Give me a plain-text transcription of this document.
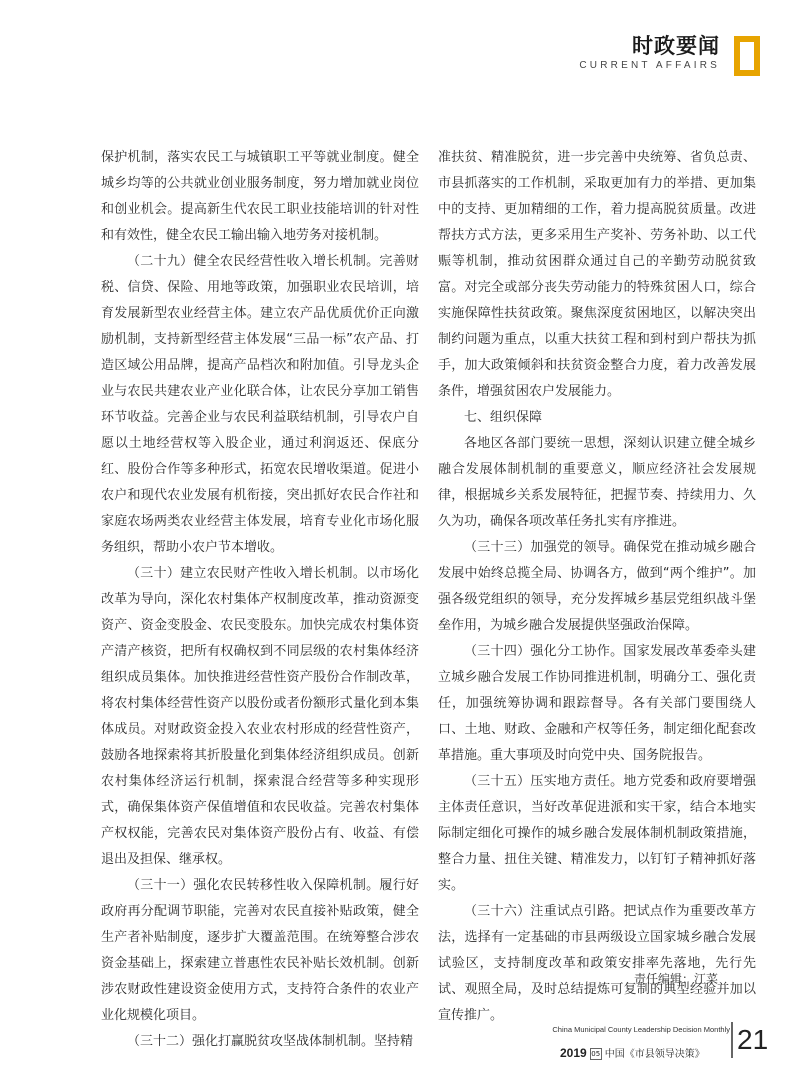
时政要闻
CURRENT AFFAIRS

保护机制，落实农民工与城镇职工平等就业制度。健全城乡均等的公共就业创业服务制度，努力增加就业岗位和创业机会。提高新生代农民工职业技能培训的针对性和有效性，健全农民工输出输入地劳务对接机制。

（二十九）健全农民经营性收入增长机制。完善财税、信贷、保险、用地等政策，加强职业农民培训，培育发展新型农业经营主体。建立农产品优质优价正向激励机制，支持新型经营主体发展“三品一标”农产品、打造区域公用品牌，提高产品档次和附加值。引导龙头企业与农民共建农业产业化联合体，让农民分享加工销售环节收益。完善企业与农民利益联结机制，引导农户自愿以土地经营权等入股企业，通过利润返还、保底分红、股份合作等多种形式，拓宽农民增收渠道。促进小农户和现代农业发展有机衔接，突出抓好农民合作社和家庭农场两类农业经营主体发展，培育专业化市场化服务组织，帮助小农户节本增收。

（三十）建立农民财产性收入增长机制。以市场化改革为导向，深化农村集体产权制度改革，推动资源变资产、资金变股金、农民变股东。加快完成农村集体资产清产核资，把所有权确权到不同层级的农村集体经济组织成员集体。加快推进经营性资产股份合作制改革，将农村集体经营性资产以股份或者份额形式量化到本集体成员。对财政资金投入农业农村形成的经营性资产，鼓励各地探索将其折股量化到集体经济组织成员。创新农村集体经济运行机制，探索混合经营等多种实现形式，确保集体资产保值增值和农民收益。完善农村集体产权权能，完善农民对集体资产股份占有、收益、有偿退出及担保、继承权。

（三十一）强化农民转移性收入保障机制。履行好政府再分配调节职能，完善对农民直接补贴政策，健全生产者补贴制度，逐步扩大覆盖范围。在统筹整合涉农资金基础上，探索建立普惠性农民补贴长效机制。创新涉农财政性建设资金使用方式，支持符合条件的农业产业化规模化项目。

（三十二）强化打赢脱贫攻坚战体制机制。坚持精

准扶贫、精准脱贫，进一步完善中央统筹、省负总责、市县抓落实的工作机制，采取更加有力的举措、更加集中的支持、更加精细的工作，着力提高脱贫质量。改进帮扶方式方法，更多采用生产奖补、劳务补助、以工代赈等机制，推动贫困群众通过自己的辛勤劳动脱贫致富。对完全或部分丧失劳动能力的特殊贫困人口，综合实施保障性扶贫政策。聚焦深度贫困地区，以解决突出制约问题为重点，以重大扶贫工程和到村到户帮扶为抓手，加大政策倾斜和扶贫资金整合力度，着力改善发展条件，增强贫困农户发展能力。

七、组织保障

各地区各部门要统一思想，深刻认识建立健全城乡融合发展体制机制的重要意义，顺应经济社会发展规律，根据城乡关系发展特征，把握节奏、持续用力、久久为功，确保各项改革任务扎实有序推进。

（三十三）加强党的领导。确保党在推动城乡融合发展中始终总揽全局、协调各方，做到“两个维护”。加强各级党组织的领导，充分发挥城乡基层党组织战斗堡垒作用，为城乡融合发展提供坚强政治保障。

（三十四）强化分工协作。国家发展改革委牵头建立城乡融合发展工作协同推进机制，明确分工、强化责任，加强统筹协调和跟踪督导。各有关部门要围绕人口、土地、财政、金融和产权等任务，制定细化配套改革措施。重大事项及时向党中央、国务院报告。

（三十五）压实地方责任。地方党委和政府要增强主体责任意识，当好改革促进派和实干家，结合本地实际制定细化可操作的城乡融合发展体制机制政策措施，整合力量、扭住关键、精准发力，以钉钉子精神抓好落实。

（三十六）注重试点引路。把试点作为重要改革方法，选择有一定基础的市县两级设立国家城乡融合发展试验区，支持制度改革和政策安排率先落地，先行先试、观照全局，及时总结提炼可复制的典型经验并加以宣传推广。

责任编辑：江菜
China Municipal County Leadership Decision Monthly
2019 05 中国《市县领导决策》 21
